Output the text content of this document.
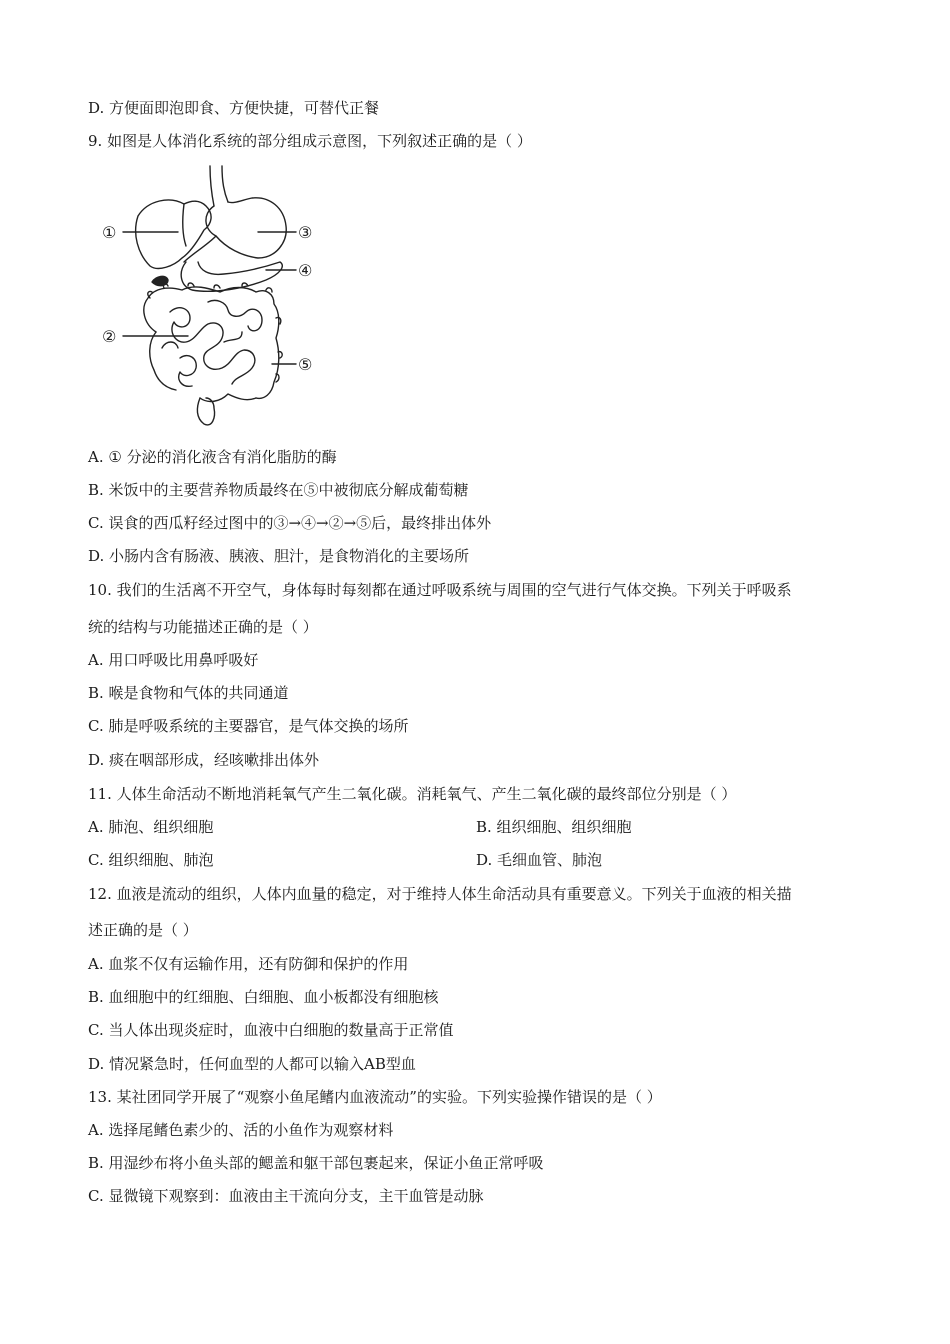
D. 方便面即泡即食、方便快捷，可替代正餐
9. 如图是人体消化系统的部分组成示意图，下列叙述正确的是（ ）
①
②
③
④
⑤
A. ① 分泌的消化液含有消化脂肪的酶
B. 米饭中的主要营养物质最终在⑤中被彻底分解成葡萄糖
C. 误食的西瓜籽经过图中的③→④→②→⑤后，最终排出体外
D. 小肠内含有肠液、胰液、胆汁，是食物消化的主要场所
10. 我们的生活离不开空气，身体每时每刻都在通过呼吸系统与周围的空气进行气体交换。下列关于呼吸系
统的结构与功能描述正确的是（ ）
A. 用口呼吸比用鼻呼吸好
B. 喉是食物和气体的共同通道
C. 肺是呼吸系统的主要器官，是气体交换的场所
D. 痰在咽部形成，经咳嗽排出体外
11. 人体生命活动不断地消耗氧气产生二氧化碳。消耗氧气、产生二氧化碳的最终部位分别是（ ）
A. 肺泡、组织细胞	B. 组织细胞、组织细胞
C. 组织细胞、肺泡	D. 毛细血管、肺泡
12. 血液是流动的组织，人体内血量的稳定，对于维持人体生命活动具有重要意义。下列关于血液的相关描
述正确的是（ ）
A. 血浆不仅有运输作用，还有防御和保护的作用
B. 血细胞中的红细胞、白细胞、血小板都没有细胞核
C. 当人体出现炎症时，血液中白细胞的数量高于正常值
D. 情况紧急时，任何血型的人都可以输入AB型血
13. 某社团同学开展了“观察小鱼尾鳍内血液流动”的实验。下列实验操作错误的是（ ）
A. 选择尾鳍色素少的、活的小鱼作为观察材料
B. 用湿纱布将小鱼头部的鳃盖和躯干部包裹起来，保证小鱼正常呼吸
C. 显微镜下观察到：血液由主干流向分支，主干血管是动脉
